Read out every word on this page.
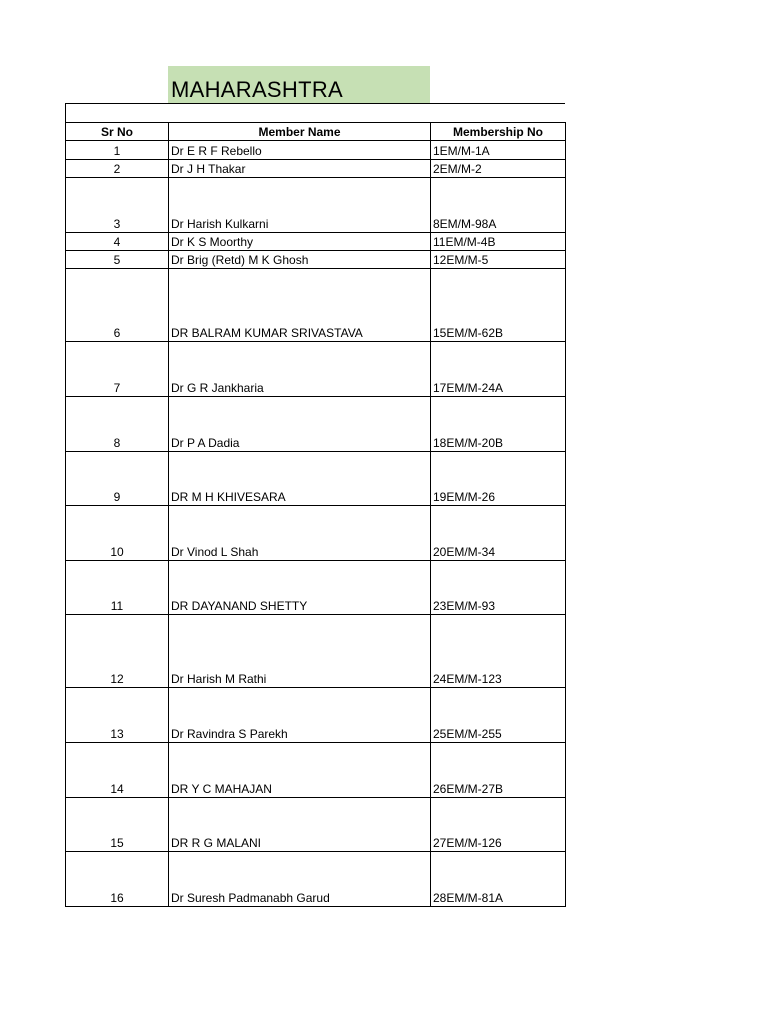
MAHARASHTRA
Sr No	Member Name	Membership No
1	Dr E R F Rebello	1EM/M-1A
2	Dr J H Thakar	2EM/M-2
3	Dr Harish Kulkarni	8EM/M-98A
4	Dr K S Moorthy	11EM/M-4B
5	Dr Brig (Retd) M K Ghosh	12EM/M-5
6	DR BALRAM KUMAR SRIVASTAVA	15EM/M-62B
7	Dr G R Jankharia	17EM/M-24A
8	Dr P A Dadia	18EM/M-20B
9	DR M H KHIVESARA	19EM/M-26
10	Dr Vinod L Shah	20EM/M-34
11	DR DAYANAND SHETTY	23EM/M-93
12	Dr Harish M Rathi	24EM/M-123
13	Dr Ravindra S Parekh	25EM/M-255
14	DR Y C MAHAJAN	26EM/M-27B
15	DR R G MALANI	27EM/M-126
16	Dr Suresh Padmanabh Garud	28EM/M-81A
